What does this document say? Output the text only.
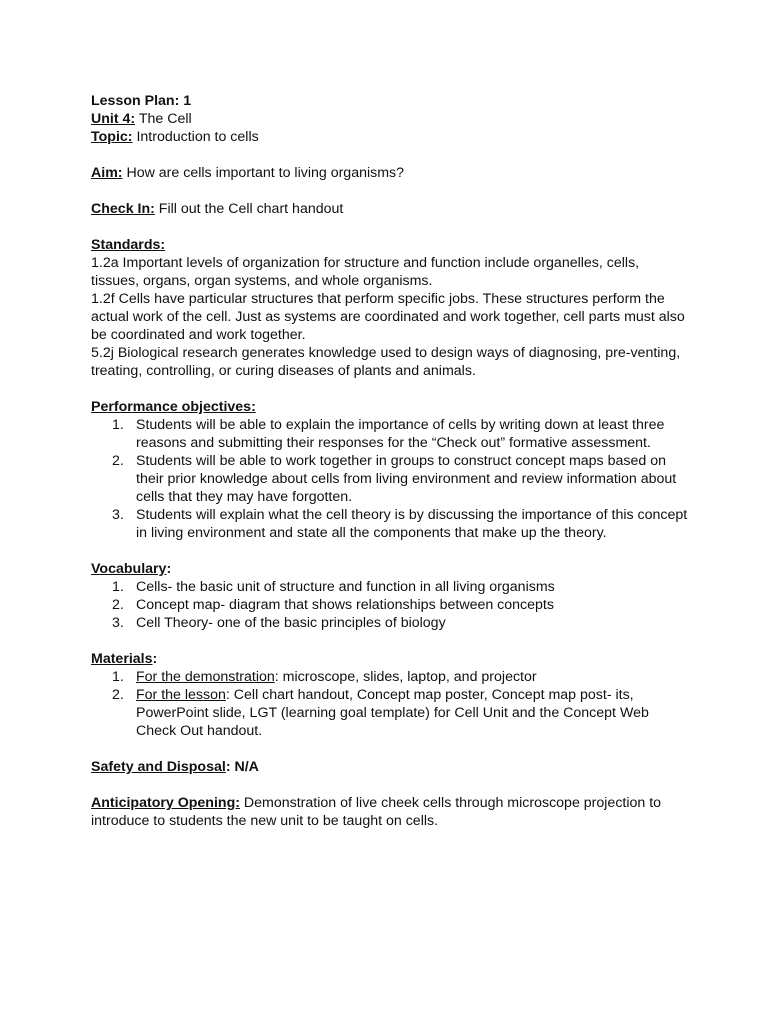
Lesson Plan: 1

Unit 4: The Cell

Topic: Introduction to cells

Aim: How are cells important to living organisms?

Check In: Fill out the Cell chart handout

Standards:

1.2a Important levels of organization for structure and function include organelles, cells, tissues, organs, organ systems, and whole organisms.

1.2f Cells have particular structures that perform specific jobs. These structures perform the actual work of the cell. Just as systems are coordinated and work together, cell parts must also be coordinated and work together.

5.2j Biological research generates knowledge used to design ways of diagnosing, pre-venting, treating, controlling, or curing diseases of plants and animals.

Performance objectives:

1. Students will be able to explain the importance of cells by writing down at least three reasons and submitting their responses for the “Check out” formative assessment.
2. Students will be able to work together in groups to construct concept maps based on their prior knowledge about cells from living environment and review information about cells that they may have forgotten.
3. Students will explain what the cell theory is by discussing the importance of this concept in living environment and state all the components that make up the theory.

Vocabulary:

1. Cells- the basic unit of structure and function in all living organisms
2. Concept map- diagram that shows relationships between concepts
3. Cell Theory- one of the basic principles of biology

Materials:

1. For the demonstration: microscope, slides, laptop, and projector
2. For the lesson: Cell chart handout, Concept map poster, Concept map post- its, PowerPoint slide, LGT (learning goal template) for Cell Unit and the Concept Web Check Out handout.

Safety and Disposal: N/A

Anticipatory Opening: Demonstration of live cheek cells through microscope projection to introduce to students the new unit to be taught on cells.
